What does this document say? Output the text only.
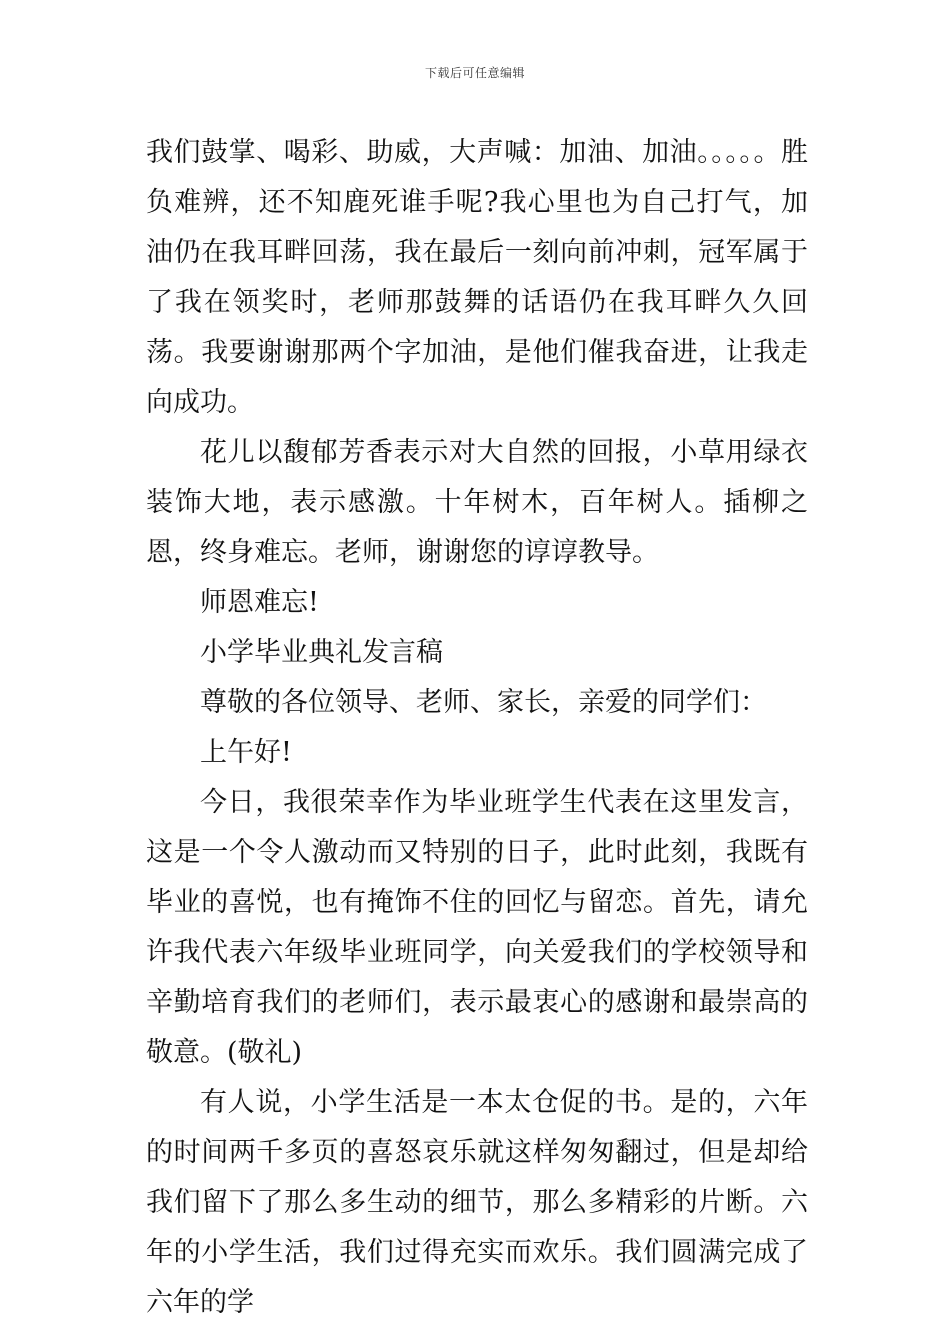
下载后可任意编辑

我们鼓掌、喝彩、助威，大声喊：加油、加油。。。。。胜负难辨，还不知鹿死谁手呢?我心里也为自己打气，加油仍在我耳畔回荡，我在最后一刻向前冲刺，冠军属于了我在领奖时，老师那鼓舞的话语仍在我耳畔久久回荡。我要谢谢那两个字加油，是他们催我奋进，让我走向成功。

花儿以馥郁芳香表示对大自然的回报，小草用绿衣装饰大地，表示感激。十年树木，百年树人。插柳之恩，终身难忘。老师，谢谢您的谆谆教导。

师恩难忘!

小学毕业典礼发言稿

尊敬的各位领导、老师、家长，亲爱的同学们：

上午好!

今日，我很荣幸作为毕业班学生代表在这里发言，这是一个令人激动而又特别的日子，此时此刻，我既有毕业的喜悦，也有掩饰不住的回忆与留恋。首先，请允许我代表六年级毕业班同学，向关爱我们的学校领导和辛勤培育我们的老师们，表示最衷心的感谢和最崇高的敬意。(敬礼)

有人说，小学生活是一本太仓促的书。是的，六年的时间两千多页的喜怒哀乐就这样匆匆翻过，但是却给我们留下了那么多生动的细节，那么多精彩的片断。六年的小学生活，我们过得充实而欢乐。我们圆满完成了六年的学
